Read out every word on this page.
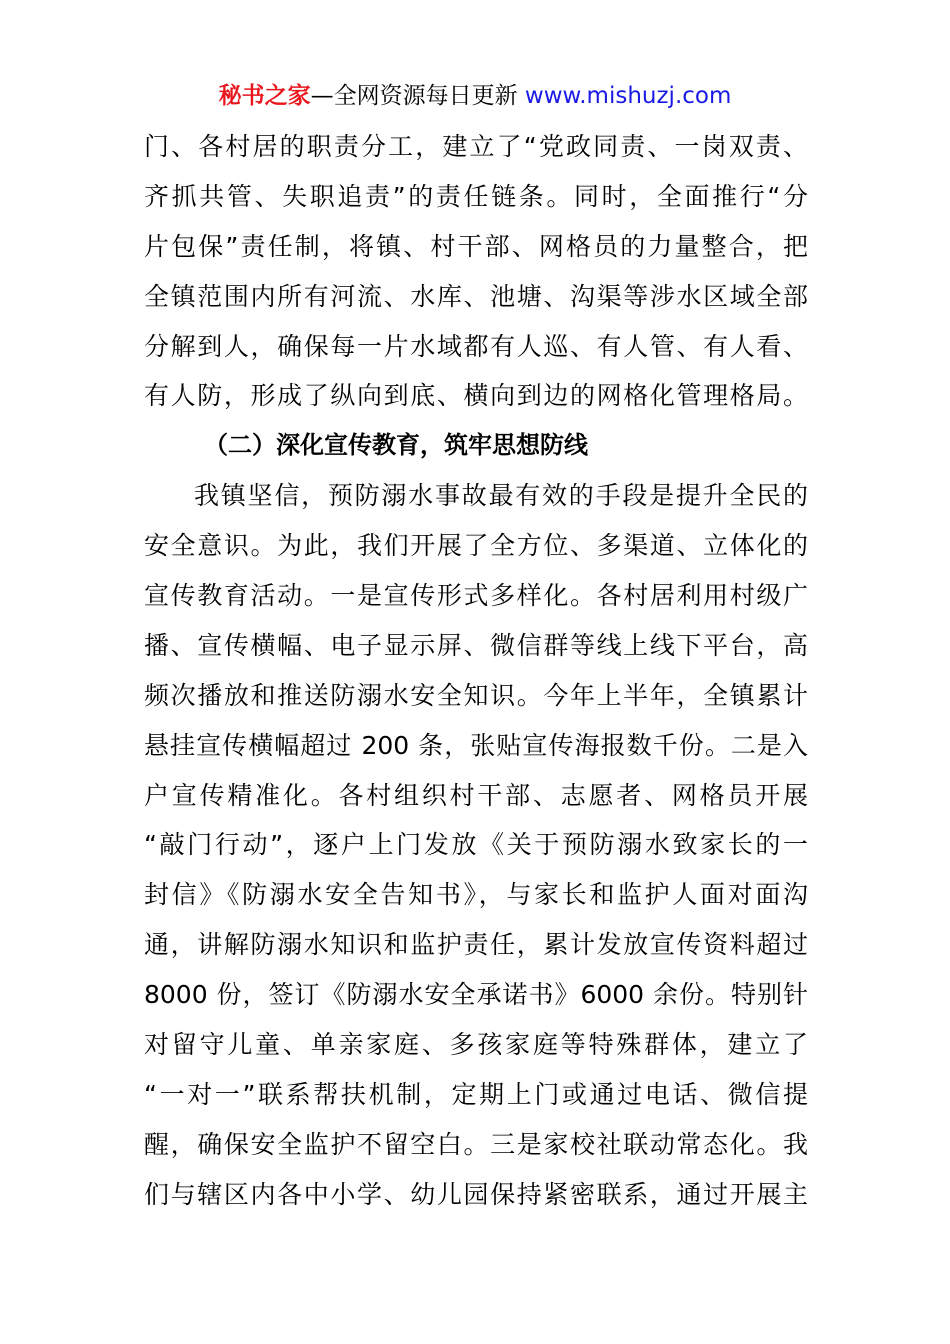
秘书之家—全网资源每日更新 www.mishuzj.com
门、各村居的职责分工，建立了“党政同责、一岗双责、
齐抓共管、失职追责”的责任链条。同时，全面推行“分
片包保”责任制，将镇、村干部、网格员的力量整合，把
全镇范围内所有河流、水库、池塘、沟渠等涉水区域全部
分解到人，确保每一片水域都有人巡、有人管、有人看、
有人防，形成了纵向到底、横向到边的网格化管理格局。
（二）深化宣传教育，筑牢思想防线
我镇坚信，预防溺水事故最有效的手段是提升全民的
安全意识。为此，我们开展了全方位、多渠道、立体化的
宣传教育活动。一是宣传形式多样化。各村居利用村级广
播、宣传横幅、电子显示屏、微信群等线上线下平台，高
频次播放和推送防溺水安全知识。今年上半年，全镇累计
悬挂宣传横幅超过 200 条，张贴宣传海报数千份。二是入
户宣传精准化。各村组织村干部、志愿者、网格员开展
“敲门行动”，逐户上门发放《关于预防溺水致家长的一
封信》《防溺水安全告知书》，与家长和监护人面对面沟
通，讲解防溺水知识和监护责任，累计发放宣传资料超过
8000 份，签订《防溺水安全承诺书》6000 余份。特别针
对留守儿童、单亲家庭、多孩家庭等特殊群体，建立了
“一对一”联系帮扶机制，定期上门或通过电话、微信提
醒，确保安全监护不留空白。三是家校社联动常态化。我
们与辖区内各中小学、幼儿园保持紧密联系，通过开展主
